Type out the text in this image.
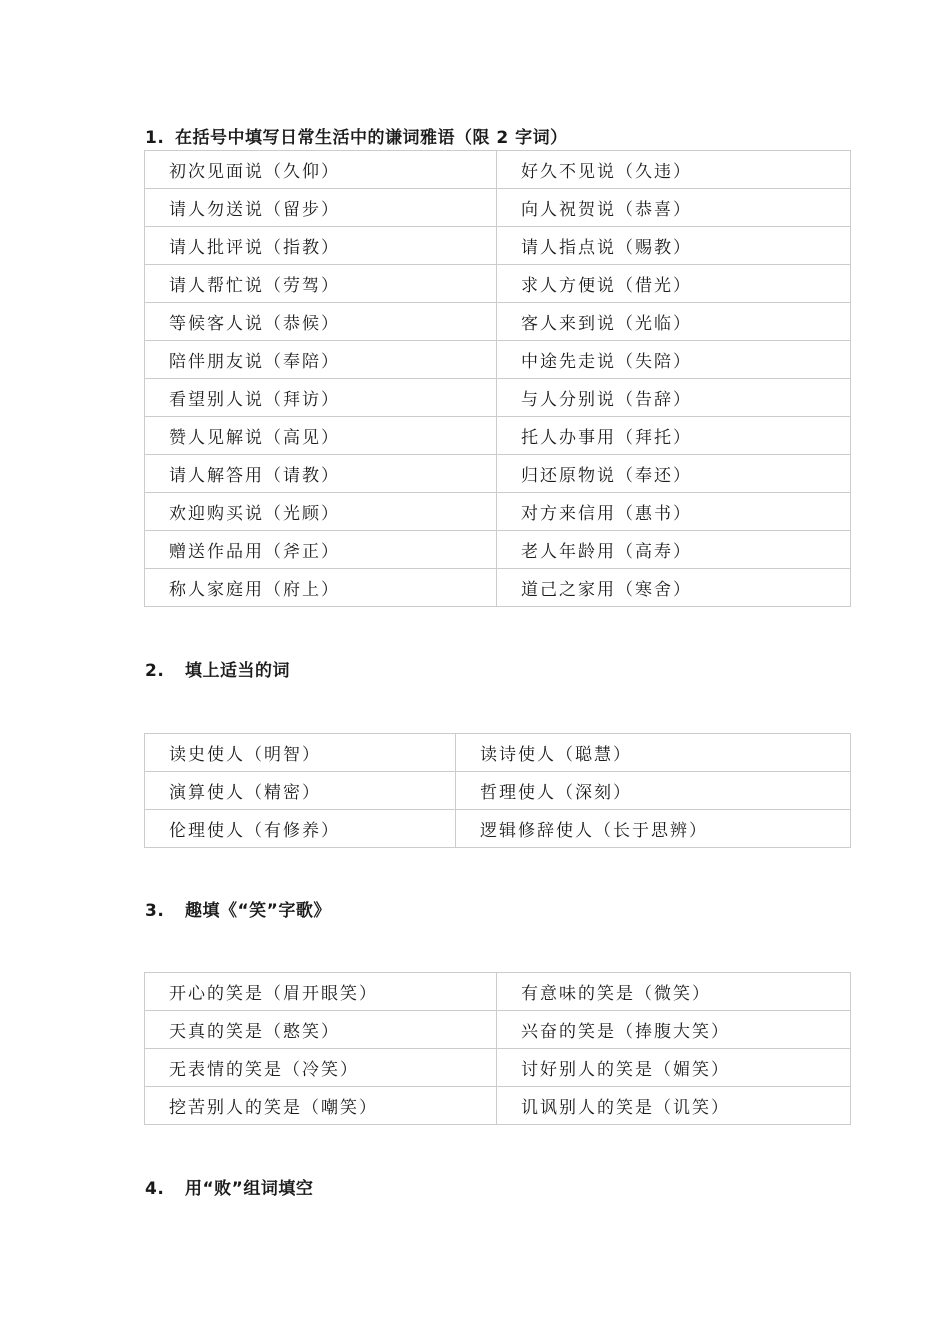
1. 在括号中填写日常生活中的谦词雅语（限 2 字词）
初次见面说（久仰）	好久不见说（久违）
请人勿送说（留步）	向人祝贺说（恭喜）
请人批评说（指教）	请人指点说（赐教）
请人帮忙说（劳驾）	求人方便说（借光）
等候客人说（恭候）	客人来到说（光临）
陪伴朋友说（奉陪）	中途先走说（失陪）
看望别人说（拜访）	与人分别说（告辞）
赞人见解说（高见）	托人办事用（拜托）
请人解答用（请教）	归还原物说（奉还）
欢迎购买说（光顾）	对方来信用（惠书）
赠送作品用（斧正）	老人年龄用（高寿）
称人家庭用（府上）	道己之家用（寒舍）
2. 填上适当的词
读史使人（明智）	读诗使人（聪慧）
演算使人（精密）	哲理使人（深刻）
伦理使人（有修养）	逻辑修辞使人（长于思辨）
3. 趣填《“笑”字歌》
开心的笑是（眉开眼笑）	有意味的笑是（微笑）
天真的笑是（憨笑）	兴奋的笑是（捧腹大笑）
无表情的笑是（冷笑）	讨好别人的笑是（媚笑）
挖苦别人的笑是（嘲笑）	讥讽别人的笑是（讥笑）
4. 用“败”组词填空
